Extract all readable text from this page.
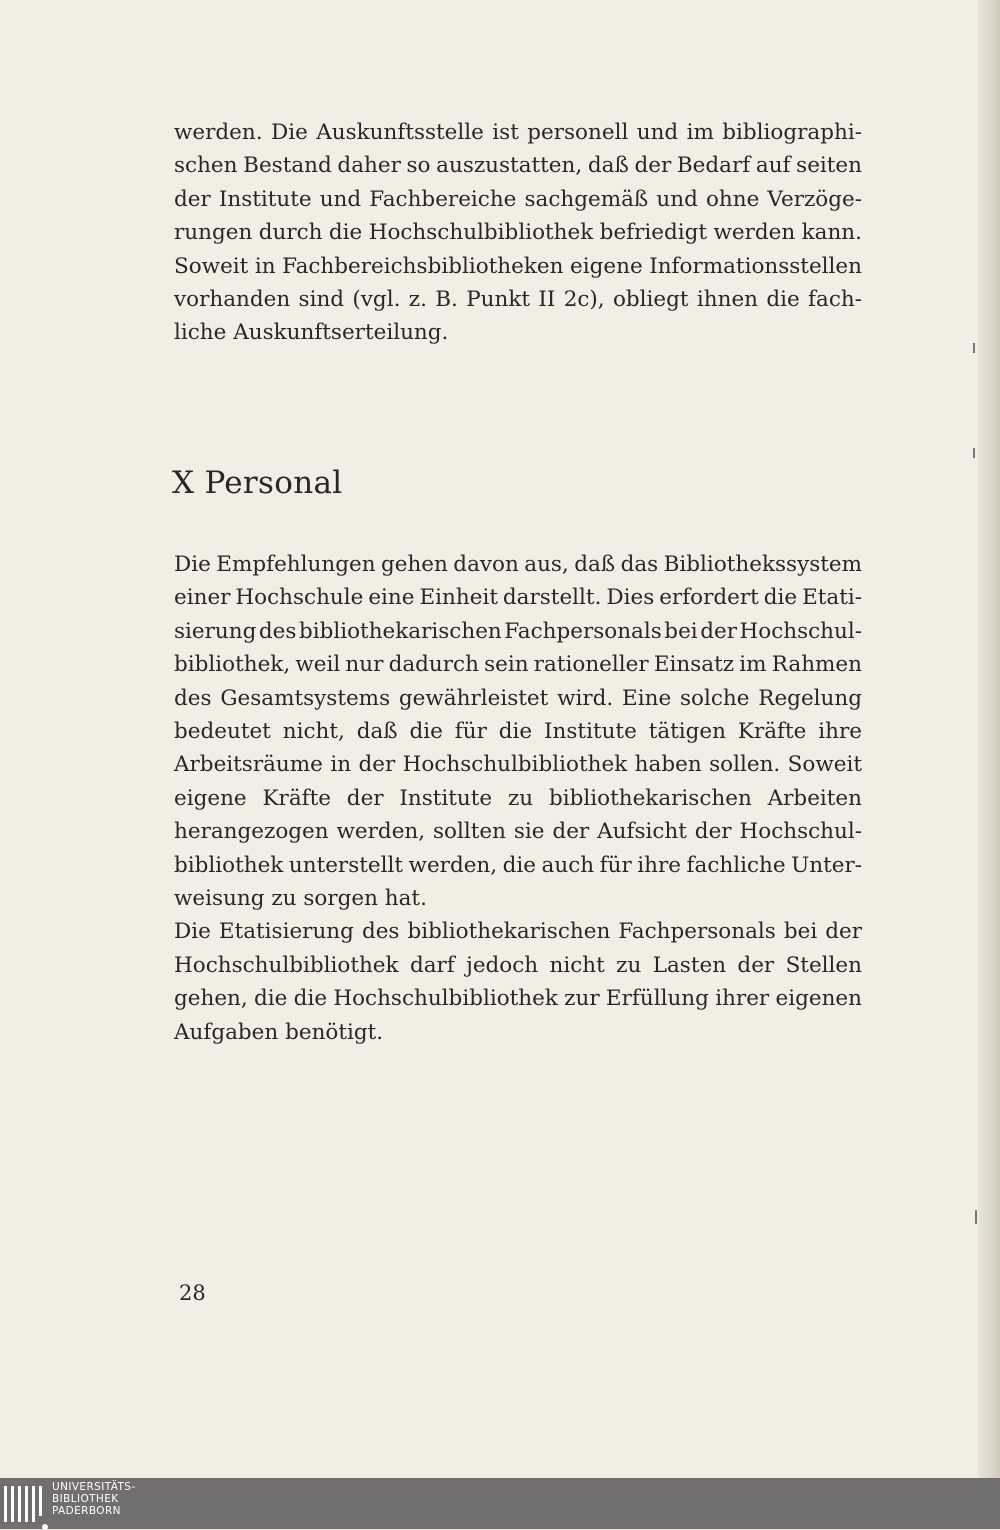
werden. Die Auskunftsstelle ist personell und im bibliographi-
schen Bestand daher so auszustatten, daß der Bedarf auf seiten
der Institute und Fachbereiche sachgemäß und ohne Verzöge-
rungen durch die Hochschulbibliothek befriedigt werden kann.
Soweit in Fachbereichsbibliotheken eigene Informationsstellen
vorhanden sind (vgl. z. B. Punkt II 2c), obliegt ihnen die fach-
liche Auskunftserteilung.

X Personal

Die Empfehlungen gehen davon aus, daß das Bibliothekssystem
einer Hochschule eine Einheit darstellt. Dies erfordert die Etati-
sierung des bibliothekarischen Fachpersonals bei der Hochschul-
bibliothek, weil nur dadurch sein rationeller Einsatz im Rahmen
des Gesamtsystems gewährleistet wird. Eine solche Regelung
bedeutet nicht, daß die für die Institute tätigen Kräfte ihre
Arbeitsräume in der Hochschulbibliothek haben sollen. Soweit
eigene Kräfte der Institute zu bibliothekarischen Arbeiten
herangezogen werden, sollten sie der Aufsicht der Hochschul-
bibliothek unterstellt werden, die auch für ihre fachliche Unter-
weisung zu sorgen hat.

Die Etatisierung des bibliothekarischen Fachpersonals bei der
Hochschulbibliothek darf jedoch nicht zu Lasten der Stellen
gehen, die die Hochschulbibliothek zur Erfüllung ihrer eigenen
Aufgaben benötigt.

28
UNIVERSITÄTS-
BIBLIOTHEK
PADERBORN
